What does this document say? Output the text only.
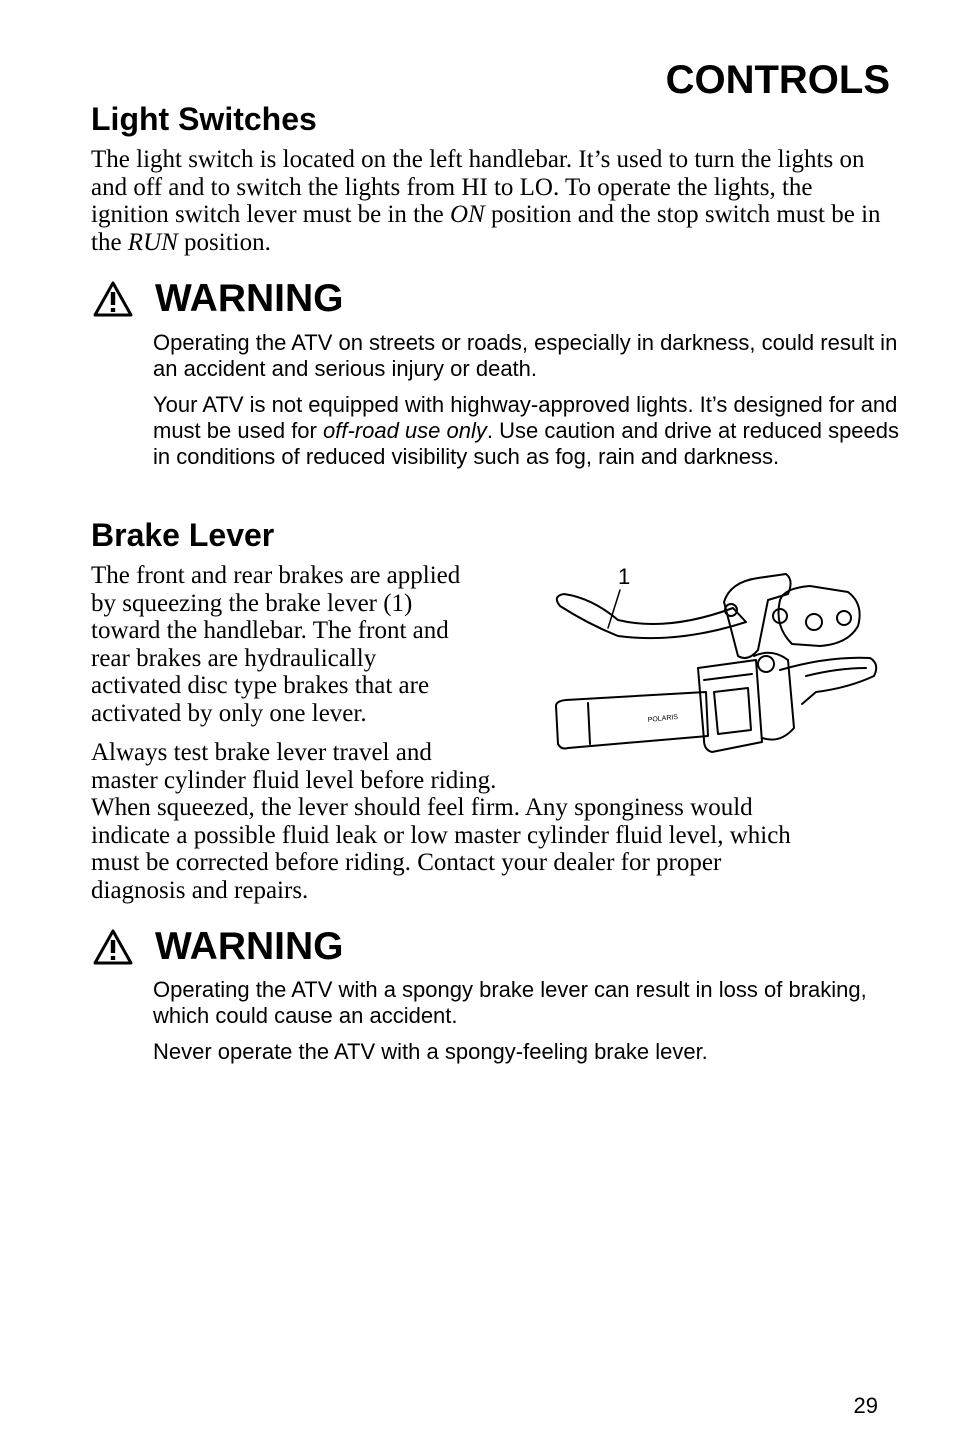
CONTROLS
Light Switches
The light switch is located on the left handlebar. It’s used to turn the lights on and off and to switch the lights from HI to LO. To operate the lights, the ignition switch lever must be in the ON position and the stop switch must be in the RUN position.
WARNING

Operating the ATV on streets or roads, especially in darkness, could result in an accident and serious injury or death.

Your ATV is not equipped with highway-approved lights. It’s designed for and must be used for off-road use only. Use caution and drive at reduced speeds in conditions of reduced visibility such as fog, rain and darkness.

Brake Lever
The front and rear brakes are applied
by squeezing the brake lever (1)
toward the handlebar. The front and
rear brakes are hydraulically
activated disc type brakes that are
activated by only one lever.
Always test brake lever travel and
master cylinder fluid level before riding.
When squeezed, the lever should feel firm. Any sponginess would
indicate a possible fluid leak or low master cylinder fluid level, which
must be corrected before riding. Contact your dealer for proper
diagnosis and repairs.
1
POLARIS
WARNING

Operating the ATV with a spongy brake lever can result in loss of braking, which could cause an accident.

Never operate the ATV with a spongy-feeling brake lever.

29
